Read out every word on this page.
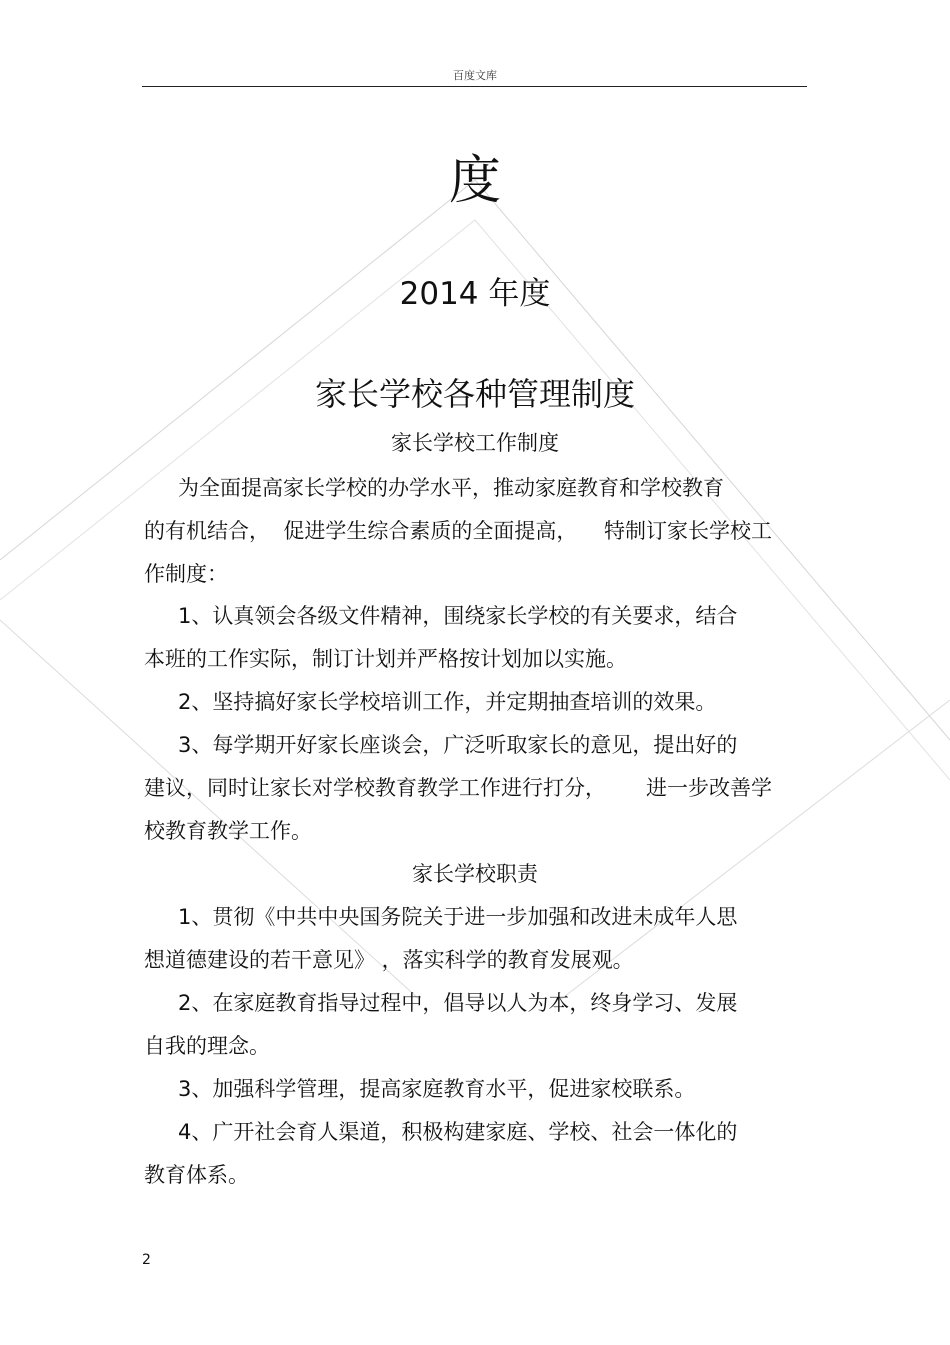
百度文库
度
2014 年度
家长学校各种管理制度
家长学校工作制度
为全面提高家长学校的办学水平，推动家庭教育和学校教育
的有机结合，  促进学生综合素质的全面提高，    特制订家长学校工
作制度：
1、认真领会各级文件精神，围绕家长学校的有关要求，结合
本班的工作实际，制订计划并严格按计划加以实施。
2、坚持搞好家长学校培训工作，并定期抽查培训的效果。
3、每学期开好家长座谈会，广泛听取家长的意见，提出好的
建议，同时让家长对学校教育教学工作进行打分，      进一步改善学
校教育教学工作。
家长学校职责
1、贯彻《中共中央国务院关于进一步加强和改进未成年人思
想道德建设的若干意见》 ，落实科学的教育发展观。
2、在家庭教育指导过程中，倡导以人为本，终身学习、发展
自我的理念。
3、加强科学管理，提高家庭教育水平，促进家校联系。
4、广开社会育人渠道，积极构建家庭、学校、社会一体化的
教育体系。
2
